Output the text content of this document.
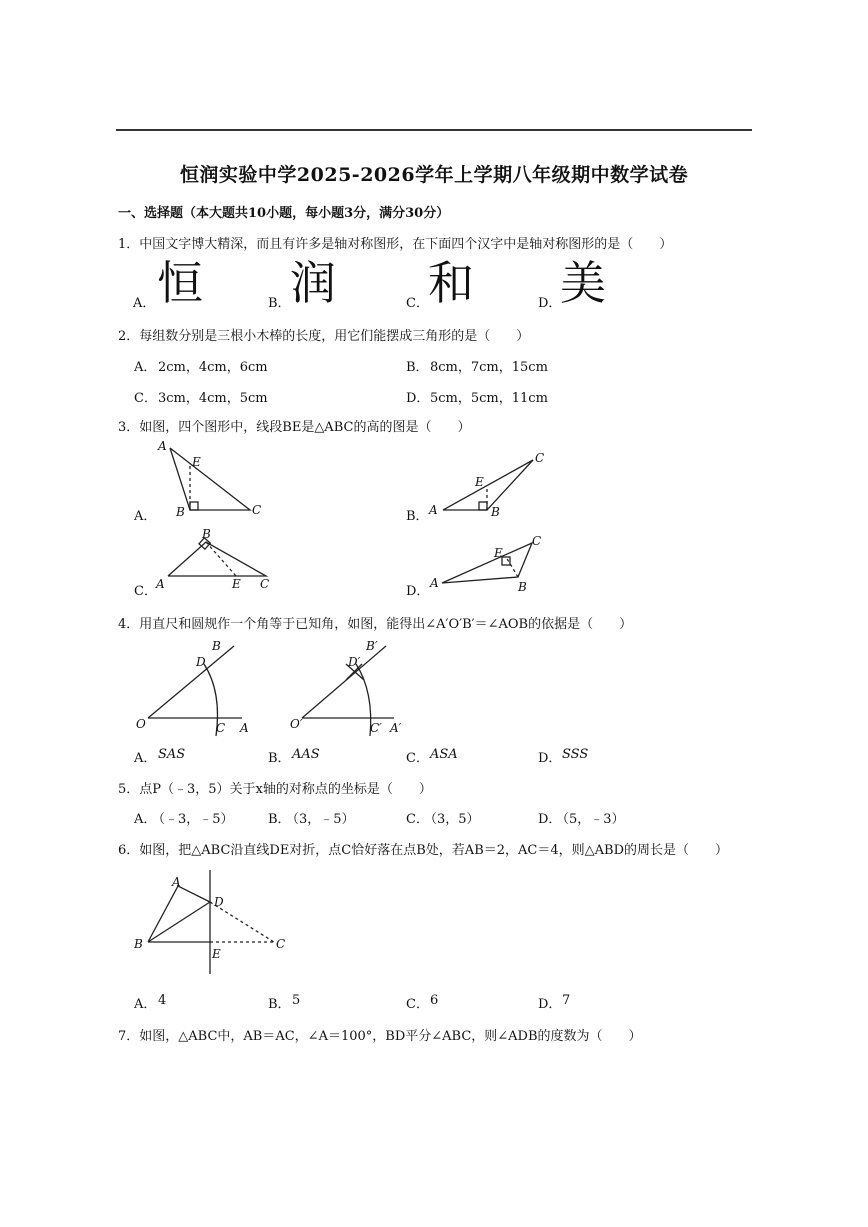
恒润实验中学2025-2026学年上学期八年级期中数学试卷
一、选择题（本大题共10小题，每小题3分，满分30分）
1．中国文字博大精深，而且有许多是轴对称图形，在下面四个汉字中是轴对称图形的是（　　）
A． 恒	B． 润	C． 和	D．
美
2．每组数分别是三根小木棒的长度，用它们能摆成三角形的是（　　）
A． 2cm，4cm，6cm	B． 8cm，7cm，15cm
C． 3cm，4cm，5cm	D． 5cm，5cm，11cm
3．如图，四个图形中，线段BE是△ABC的高的图是（　　）
A．
A
E
B	C	B． A
E
B
C
C． A
B
E C	D．
A
E
C
B
4．用直尺和圆规作一个角等于已知角，如图，能得出∠A′O′B′＝∠AOB的依据是（　　）
O
D
B
C A	O′
D′
B′
C′ A′
A． SAS	B． AAS	C． ASA	D． SSS
5．点P（﹣3，5）关于x轴的对称点的坐标是（　　）
A．
（﹣3，﹣5）	B．
（3，﹣5）	C．
（3，5）	D．
（5，﹣3）
6．如图，把△ABC沿直线DE对折，点C恰好落在点B处，若AB＝2，AC＝4，则△ABD的周长是（　　）
A
D
B
E
C
A． 4	B． 5	C． 6	D． 7
7．如图，△ABC中，AB＝AC，∠A＝100°，BD平分∠ABC，则∠ADB的度数为（　　）
